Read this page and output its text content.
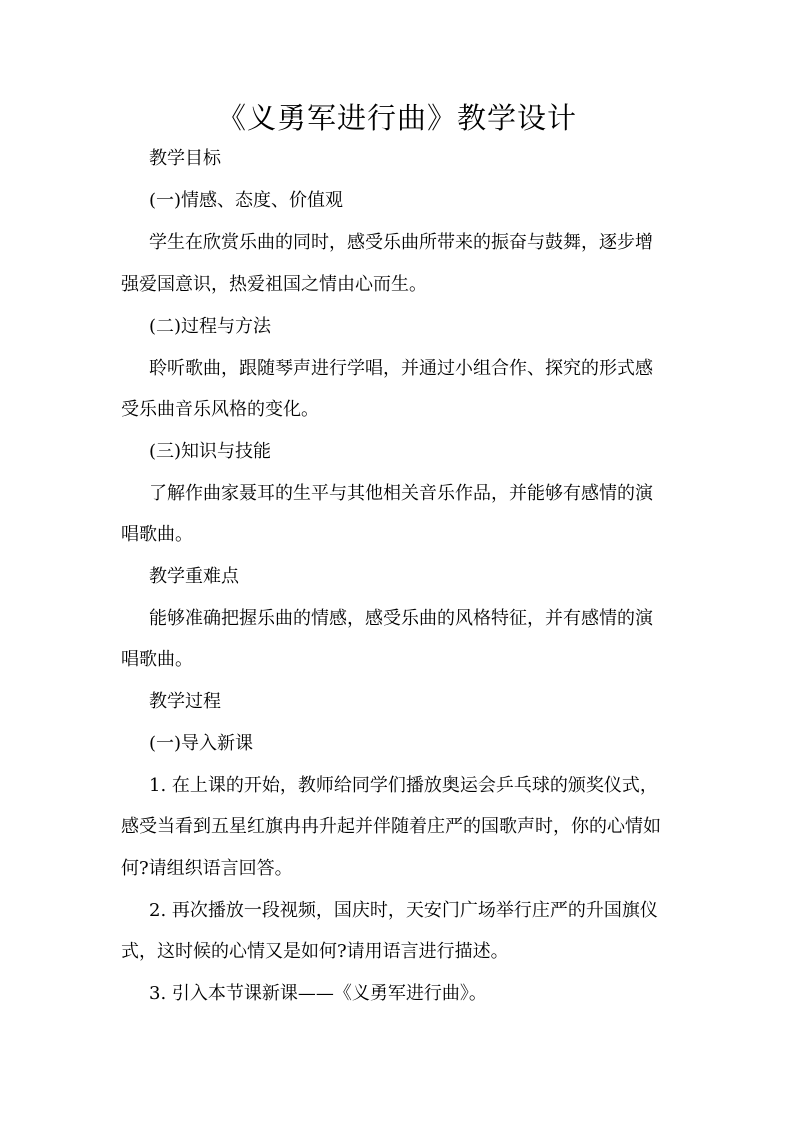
《义勇军进行曲》教学设计
教学目标
(一)情感、态度、价值观
学生在欣赏乐曲的同时，感受乐曲所带来的振奋与鼓舞，逐步增
强爱国意识，热爱祖国之情由心而生。
(二)过程与方法
聆听歌曲，跟随琴声进行学唱，并通过小组合作、探究的形式感
受乐曲音乐风格的变化。
(三)知识与技能
了解作曲家聂耳的生平与其他相关音乐作品，并能够有感情的演
唱歌曲。
教学重难点
能够准确把握乐曲的情感，感受乐曲的风格特征，并有感情的演
唱歌曲。
教学过程
(一)导入新课
1. 在上课的开始，教师给同学们播放奥运会乒乓球的颁奖仪式，
感受当看到五星红旗冉冉升起并伴随着庄严的国歌声时，你的心情如
何?请组织语言回答。
2. 再次播放一段视频，国庆时，天安门广场举行庄严的升国旗仪
式，这时候的心情又是如何?请用语言进行描述。
3. 引入本节课新课——《义勇军进行曲》。
